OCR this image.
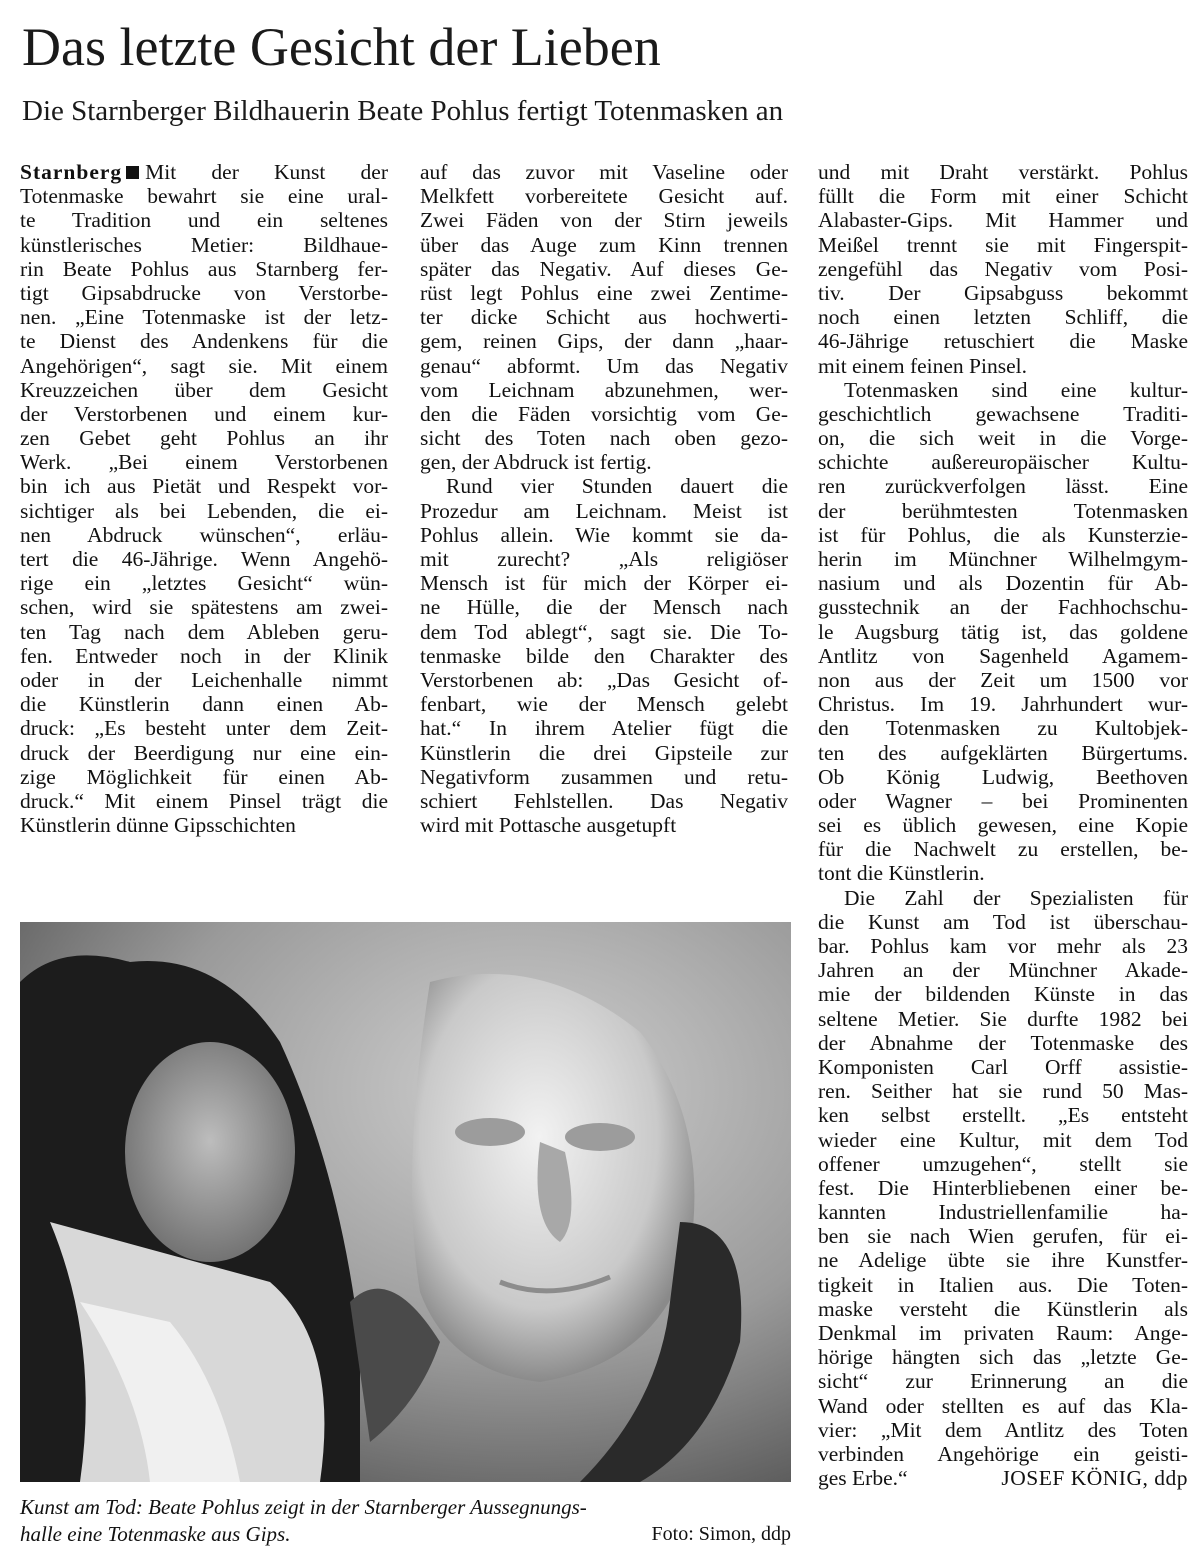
Das letzte Gesicht der Lieben
Die Starnberger Bildhauerin Beate Pohlus fertigt Totenmasken an
Starnberg Mit der Kunst der
Totenmaske bewahrt sie eine ural-
te Tradition und ein seltenes
künstlerisches Metier: Bildhaue-
rin Beate Pohlus aus Starnberg fer-
tigt Gipsabdrucke von Verstorbe-
nen. „Eine Totenmaske ist der letz-
te Dienst des Andenkens für die
Angehörigen“, sagt sie. Mit einem
Kreuzzeichen über dem Gesicht
der Verstorbenen und einem kur-
zen Gebet geht Pohlus an ihr
Werk. „Bei einem Verstorbenen
bin ich aus Pietät und Respekt vor-
sichtiger als bei Lebenden, die ei-
nen Abdruck wünschen“, erläu-
tert die 46-Jährige. Wenn Angehö-
rige ein „letztes Gesicht“ wün-
schen, wird sie spätestens am zwei-
ten Tag nach dem Ableben geru-
fen. Entweder noch in der Klinik
oder in der Leichenhalle nimmt
die Künstlerin dann einen Ab-
druck: „Es besteht unter dem Zeit-
druck der Beerdigung nur eine ein-
zige Möglichkeit für einen Ab-
druck.“ Mit einem Pinsel trägt die
Künstlerin dünne Gipsschichten
auf das zuvor mit Vaseline oder
Melkfett vorbereitete Gesicht auf.
Zwei Fäden von der Stirn jeweils
über das Auge zum Kinn trennen
später das Negativ. Auf dieses Ge-
rüst legt Pohlus eine zwei Zentime-
ter dicke Schicht aus hochwerti-
gem, reinen Gips, der dann „haar-
genau“ abformt. Um das Negativ
vom Leichnam abzunehmen, wer-
den die Fäden vorsichtig vom Ge-
sicht des Toten nach oben gezo-
gen, der Abdruck ist fertig.
Rund vier Stunden dauert die
Prozedur am Leichnam. Meist ist
Pohlus allein. Wie kommt sie da-
mit zurecht? „Als religiöser
Mensch ist für mich der Körper ei-
ne Hülle, die der Mensch nach
dem Tod ablegt“, sagt sie. Die To-
tenmaske bilde den Charakter des
Verstorbenen ab: „Das Gesicht of-
fenbart, wie der Mensch gelebt
hat.“ In ihrem Atelier fügt die
Künstlerin die drei Gipsteile zur
Negativform zusammen und retu-
schiert Fehlstellen. Das Negativ
wird mit Pottasche ausgetupft
und mit Draht verstärkt. Pohlus
füllt die Form mit einer Schicht
Alabaster-Gips. Mit Hammer und
Meißel trennt sie mit Fingerspit-
zengefühl das Negativ vom Posi-
tiv. Der Gipsabguss bekommt
noch einen letzten Schliff, die
46-Jährige retuschiert die Maske
mit einem feinen Pinsel.
Totenmasken sind eine kultur-
geschichtlich gewachsene Traditi-
on, die sich weit in die Vorge-
schichte außereuropäischer Kultu-
ren zurückverfolgen lässt. Eine
der berühmtesten Totenmasken
ist für Pohlus, die als Kunsterzie-
herin im Münchner Wilhelmgym-
nasium und als Dozentin für Ab-
gusstechnik an der Fachhochschu-
le Augsburg tätig ist, das goldene
Antlitz von Sagenheld Agamem-
non aus der Zeit um 1500 vor
Christus. Im 19. Jahrhundert wur-
den Totenmasken zu Kultobjek-
ten des aufgeklärten Bürgertums.
Ob König Ludwig, Beethoven
oder Wagner – bei Prominenten
sei es üblich gewesen, eine Kopie
für die Nachwelt zu erstellen, be-
tont die Künstlerin.
Die Zahl der Spezialisten für
die Kunst am Tod ist überschau-
bar. Pohlus kam vor mehr als 23
Jahren an der Münchner Akade-
mie der bildenden Künste in das
seltene Metier. Sie durfte 1982 bei
der Abnahme der Totenmaske des
Komponisten Carl Orff assistie-
ren. Seither hat sie rund 50 Mas-
ken selbst erstellt. „Es entsteht
wieder eine Kultur, mit dem Tod
offener umzugehen“, stellt sie
fest. Die Hinterbliebenen einer be-
kannten Industriellenfamilie ha-
ben sie nach Wien gerufen, für ei-
ne Adelige übte sie ihre Kunstfer-
tigkeit in Italien aus. Die Toten-
maske versteht die Künstlerin als
Denkmal im privaten Raum: Ange-
hörige hängten sich das „letzte Ge-
sicht“ zur Erinnerung an die
Wand oder stellten es auf das Kla-
vier: „Mit dem Antlitz des Toten
verbinden Angehörige ein geisti-
ges Erbe.“	JOSEF KÖNIG, ddp
Kunst am Tod: Beate Pohlus zeigt in der Starnberger Aussegnungs-
halle eine Totenmaske aus Gips.	Foto: Simon, ddp
